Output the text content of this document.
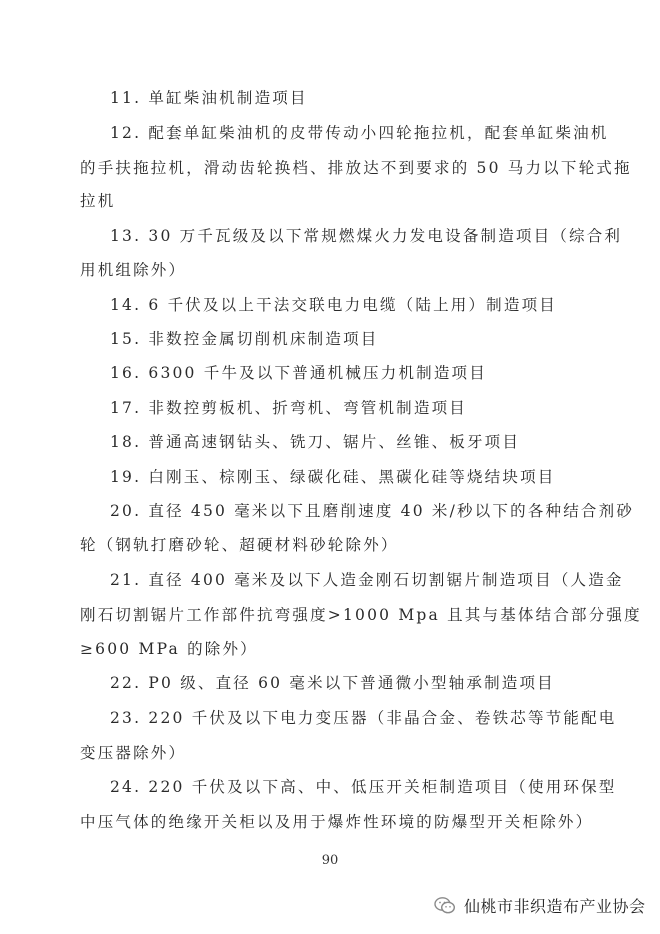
11. 单缸柴油机制造项目
12. 配套单缸柴油机的皮带传动小四轮拖拉机，配套单缸柴油机
的手扶拖拉机，滑动齿轮换档、排放达不到要求的 50 马力以下轮式拖
拉机
13. 30 万千瓦级及以下常规燃煤火力发电设备制造项目（综合利
用机组除外）
14. 6 千伏及以上干法交联电力电缆（陆上用）制造项目
15. 非数控金属切削机床制造项目
16. 6300 千牛及以下普通机械压力机制造项目
17. 非数控剪板机、折弯机、弯管机制造项目
18. 普通高速钢钻头、铣刀、锯片、丝锥、板牙项目
19. 白刚玉、棕刚玉、绿碳化硅、黑碳化硅等烧结块项目
20. 直径 450 毫米以下且磨削速度 40 米/秒以下的各种结合剂砂
轮（钢轨打磨砂轮、超硬材料砂轮除外）
21. 直径 400 毫米及以下人造金刚石切割锯片制造项目（人造金
刚石切割锯片工作部件抗弯强度>1000 Mpa 且其与基体结合部分强度
≥600 MPa 的除外）
22. P0 级、直径 60 毫米以下普通微小型轴承制造项目
23. 220 千伏及以下电力变压器（非晶合金、卷铁芯等节能配电
变压器除外）
24. 220 千伏及以下高、中、低压开关柜制造项目（使用环保型
中压气体的绝缘开关柜以及用于爆炸性环境的防爆型开关柜除外）
90
仙桃市非织造布产业协会
